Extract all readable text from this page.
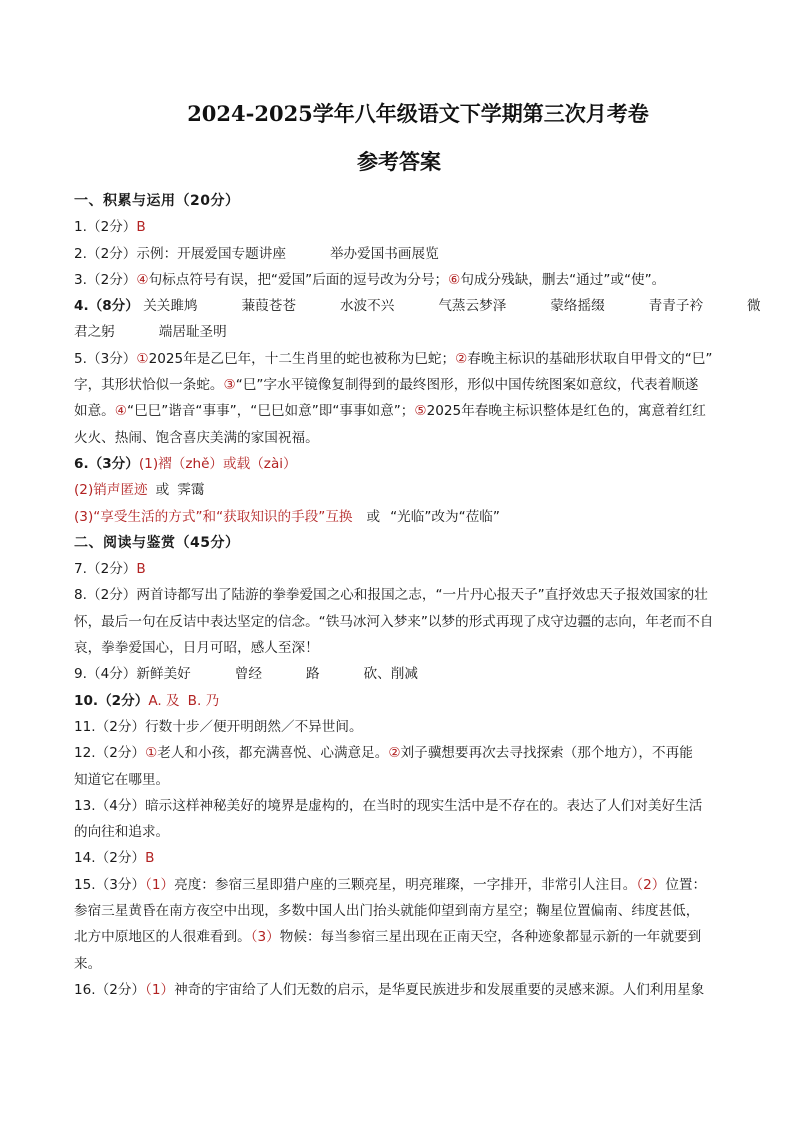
2024-2025学年八年级语文下学期第三次月考卷
参考答案
一、积累与运用（20分）
1.（2分）B
2.（2分）示例：开展爱国专题讲座	举办爱国书画展览
3.（2分）④句标点符号有误，把“爱国”后面的逗号改为分号；⑥句成分残缺，删去“通过”或“使”。
4.（8分） 关关雎鸠	蒹葭苍苍	水波不兴	气蒸云梦泽	蒙络摇缀	青青子衿	微
君之躬	端居耻圣明
5.（3分）①2025年是乙巳年，十二生肖里的蛇也被称为巳蛇；②春晚主标识的基础形状取自甲骨文的“巳”
字，其形状恰似一条蛇。③“巳”字水平镜像复制得到的最终图形，形似中国传统图案如意纹，代表着顺遂
如意。④“巳巳”谐音“事事”，“巳巳如意”即“事事如意”；⑤2025年春晚主标识整体是红色的，寓意着红红
火火、热闹、饱含喜庆美满的家国祝福。
6.（3分）(1)褶（zhě）或载（zài）
(2)销声匿迹 或 霁霭
(3)“享受生活的方式”和“获取知识的手段”互换 或 “光临”改为“莅临”
二、阅读与鉴赏（45分）
7.（2分）B
8.（2分）两首诗都写出了陆游的拳拳爱国之心和报国之志，“一片丹心报天子”直抒效忠天子报效国家的壮
怀，最后一句在反诘中表达坚定的信念。“铁马冰河入梦来”以梦的形式再现了戍守边疆的志向，年老而不自
哀，拳拳爱国心，日月可昭，感人至深！
9.（4分）新鲜美好	曾经	路	砍、削减
10.（2分）A. 及 B. 乃
11.（2分）行数十步／便开明朗然／不异世间。
12.（2分）①老人和小孩，都充满喜悦、心满意足。②刘子骥想要再次去寻找探索（那个地方），不再能
知道它在哪里。
13.（4分）暗示这样神秘美好的境界是虚构的，在当时的现实生活中是不存在的。表达了人们对美好生活
的向往和追求。
14.（2分）B
15.（3分）（1）亮度：参宿三星即猎户座的三颗亮星，明亮璀璨，一字排开，非常引人注目。（2）位置：
参宿三星黄昏在南方夜空中出现，多数中国人出门抬头就能仰望到南方星空；鞠星位置偏南、纬度甚低，
北方中原地区的人很难看到。（3）物候：每当参宿三星出现在正南天空，各种迹象都显示新的一年就要到
来。
16.（2分）（1）神奇的宇宙给了人们无数的启示，是华夏民族进步和发展重要的灵感来源。人们利用星象
